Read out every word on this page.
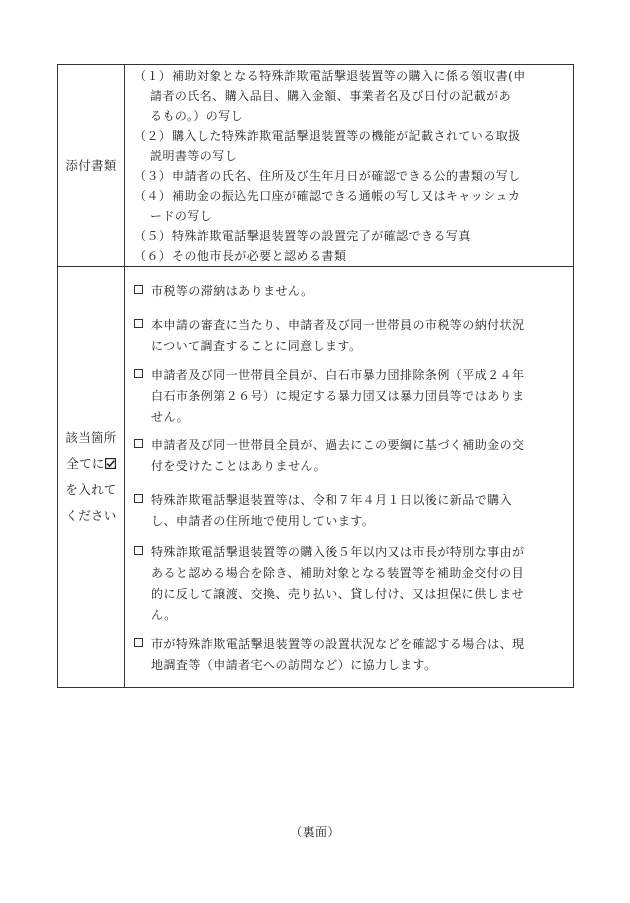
添付書類
（１） 補助対象となる特殊詐欺電話撃退装置等の購入に係る領収書(申
請者の氏名、購入品目、購入金額、事業者名及び日付の記載があ
るもの。）の写し
（２） 購入した特殊詐欺電話撃退装置等の機能が記載されている取扱
説明書等の写し
（３） 申請者の氏名、住所及び生年月日が確認できる公的書類の写し
（４） 補助金の振込先口座が確認できる通帳の写し又はキャッシュカ
ードの写し
（５） 特殊詐欺電話撃退装置等の設置完了が確認できる写真
（６） その他市長が必要と認める書類
該当箇所
全てに
を入れて
ください
市税等の滞納はありません。
本申請の審査に当たり、申請者及び同一世帯員の市税等の納付状況
について調査することに同意します。
申請者及び同一世帯員全員が、白石市暴力団排除条例（平成２４年
白石市条例第２６号）に規定する暴力団又は暴力団員等ではありま
せん。
申請者及び同一世帯員全員が、過去にこの要綱に基づく補助金の交
付を受けたことはありません。
特殊詐欺電話撃退装置等は、令和７年４月１日以後に新品で購入
し、申請者の住所地で使用しています。
特殊詐欺電話撃退装置等の購入後５年以内又は市長が特別な事由が
あると認める場合を除き、補助対象となる装置等を補助金交付の目
的に反して譲渡、交換、売り払い、貸し付け、又は担保に供しませ
ん。
市が特殊詐欺電話撃退装置等の設置状況などを確認する場合は、現
地調査等（申請者宅への訪問など）に協力します。
（裏面）
